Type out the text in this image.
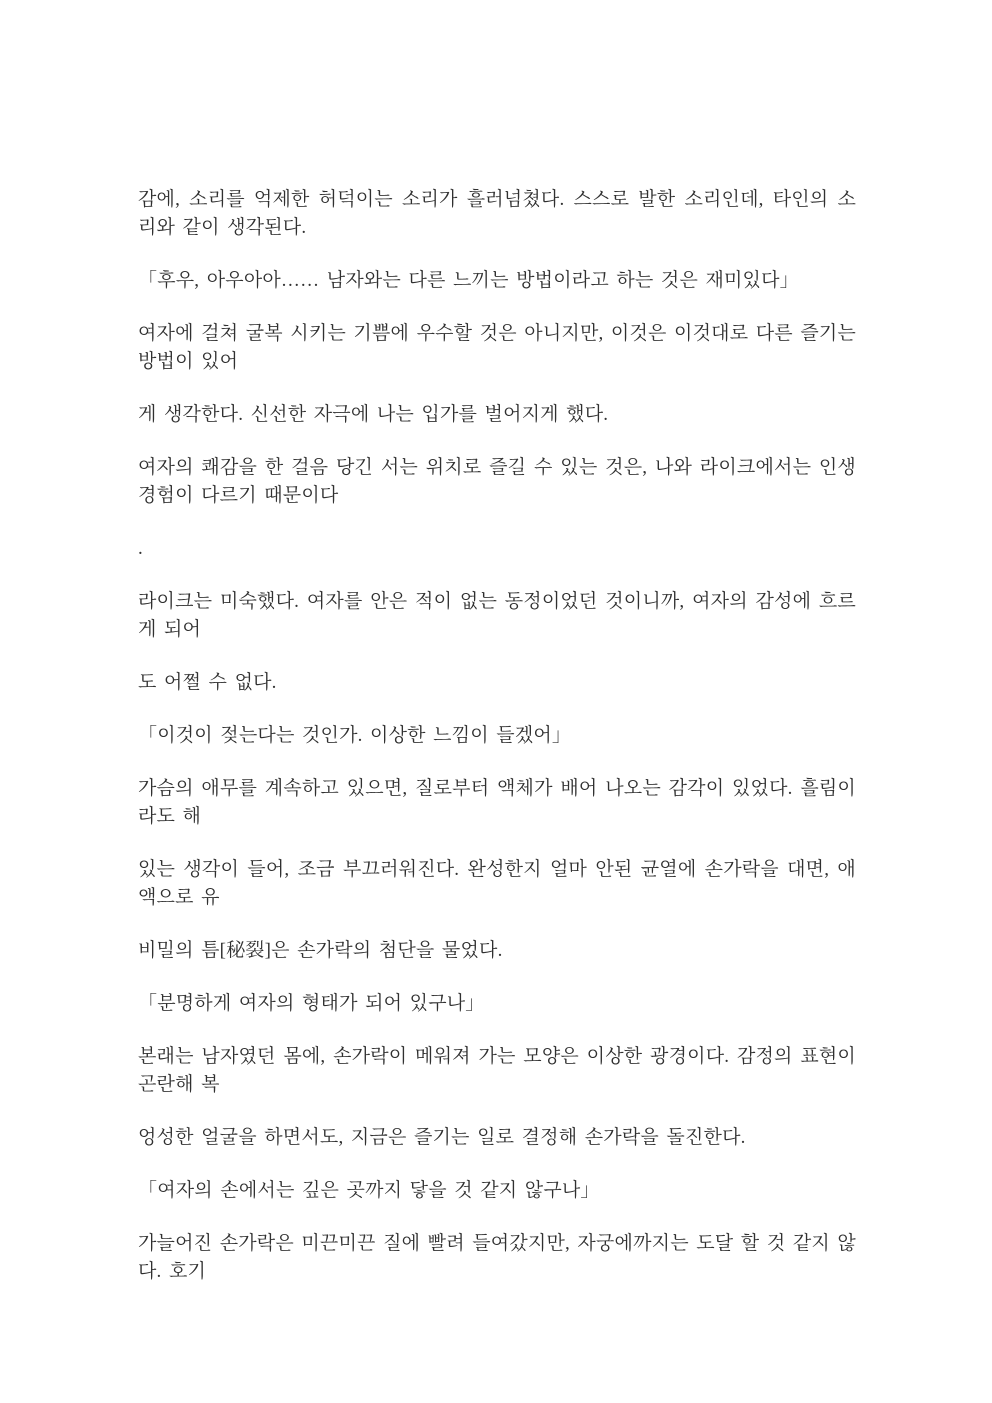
감에, 소리를 억제한 허덕이는 소리가 흘러넘쳤다. 스스로 발한 소리인데, 타인의 소리와 같이 생각된다.

「후우, 아우아아…… 남자와는 다른 느끼는 방법이라고 하는 것은 재미있다」

여자에 걸쳐 굴복 시키는 기쁨에 우수할 것은 아니지만, 이것은 이것대로 다른 즐기는 방법이 있어

게 생각한다. 신선한 자극에 나는 입가를 벌어지게 했다.

여자의 쾌감을 한 걸음 당긴 서는 위치로 즐길 수 있는 것은, 나와 라이크에서는 인생 경험이 다르기 때문이다

.

라이크는 미숙했다. 여자를 안은 적이 없는 동정이었던 것이니까, 여자의 감성에 흐르게 되어

도 어쩔 수 없다.

「이것이 젖는다는 것인가. 이상한 느낌이 들겠어」

가슴의 애무를 계속하고 있으면, 질로부터 액체가 배어 나오는 감각이 있었다. 흘림이라도 해

있는 생각이 들어, 조금 부끄러워진다. 완성한지 얼마 안된 균열에 손가락을 대면, 애액으로 유

비밀의 틈[秘裂]은 손가락의 첨단을 물었다.

「분명하게 여자의 형태가 되어 있구나」

본래는 남자였던 몸에, 손가락이 메워져 가는 모양은 이상한 광경이다. 감정의 표현이 곤란해 복

엉성한 얼굴을 하면서도, 지금은 즐기는 일로 결정해 손가락을 돌진한다.

「여자의 손에서는 깊은 곳까지 닿을 것 같지 않구나」

가늘어진 손가락은 미끈미끈 질에 빨려 들여갔지만, 자궁에까지는 도달 할 것 같지 않다. 호기
